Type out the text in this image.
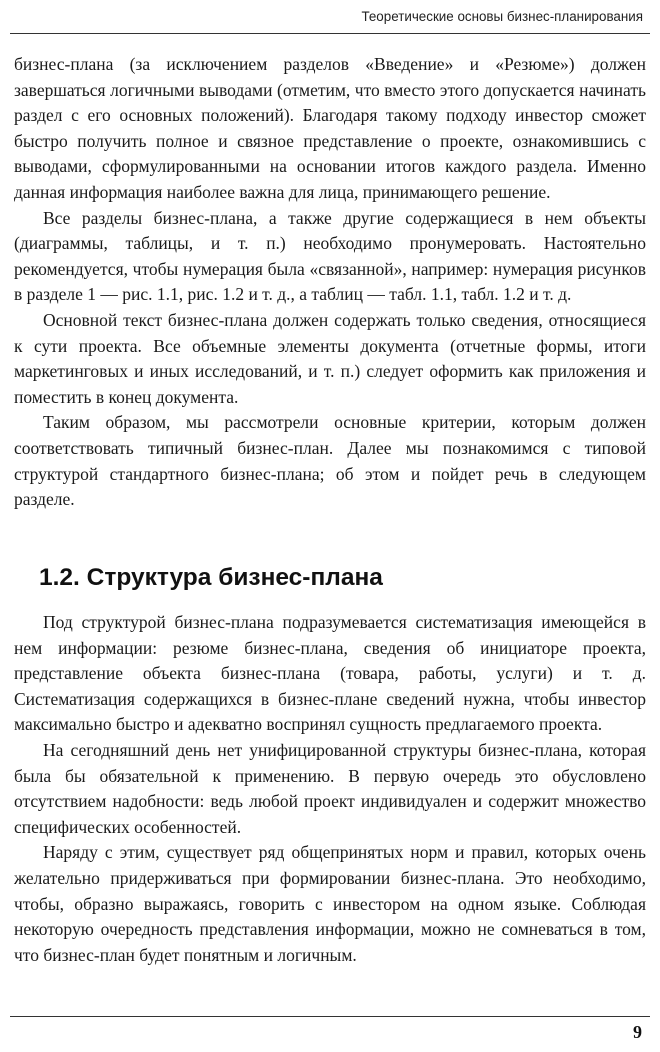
Теоретические основы бизнес-планирования

бизнес-плана (за исключением разделов «Введение» и «Резюме») должен завершаться логичными выводами (отметим, что вместо этого допускается начинать раздел с его основных положений). Благодаря такому подходу инвестор сможет быстро получить полное и связное представление о проекте, ознакомившись с выводами, сформулированными на основании итогов каждого раздела. Именно данная информация наиболее важна для лица, принимающего решение.

Все разделы бизнес-плана, а также другие содержащиеся в нем объекты (диаграммы, таблицы, и т. п.) необходимо пронумеровать. Настоятельно рекомендуется, чтобы нумерация была «связанной», например: нумерация рисунков в разделе 1 — рис. 1.1, рис. 1.2 и т. д., а таблиц — табл. 1.1, табл. 1.2 и т. д.

Основной текст бизнес-плана должен содержать только сведения, относящиеся к сути проекта. Все объемные элементы документа (отчетные формы, итоги маркетинговых и иных исследований, и т. п.) следует оформить как приложения и поместить в конец документа.

Таким образом, мы рассмотрели основные критерии, которым должен соответствовать типичный бизнес-план. Далее мы познакомимся с типовой структурой стандартного бизнес-плана; об этом и пойдет речь в следующем разделе.

1.2. Структура бизнес-плана

Под структурой бизнес-плана подразумевается систематизация имеющейся в нем информации: резюме бизнес-плана, сведения об инициаторе проекта, представление объекта бизнес-плана (товара, работы, услуги) и т. д. Систематизация содержащихся в бизнес-плане сведений нужна, чтобы инвестор максимально быстро и адекватно воспринял сущность предлагаемого проекта.

На сегодняшний день нет унифицированной структуры бизнес-плана, которая была бы обязательной к применению. В первую очередь это обусловлено отсутствием надобности: ведь любой проект индивидуален и содержит множество специфических особенностей.

Наряду с этим, существует ряд общепринятых норм и правил, которых очень желательно придерживаться при формировании бизнес-плана. Это необходимо, чтобы, образно выражаясь, говорить с инвестором на одном языке. Соблюдая некоторую очередность представления информации, можно не сомневаться в том, что бизнес-план будет понятным и логичным.

9
